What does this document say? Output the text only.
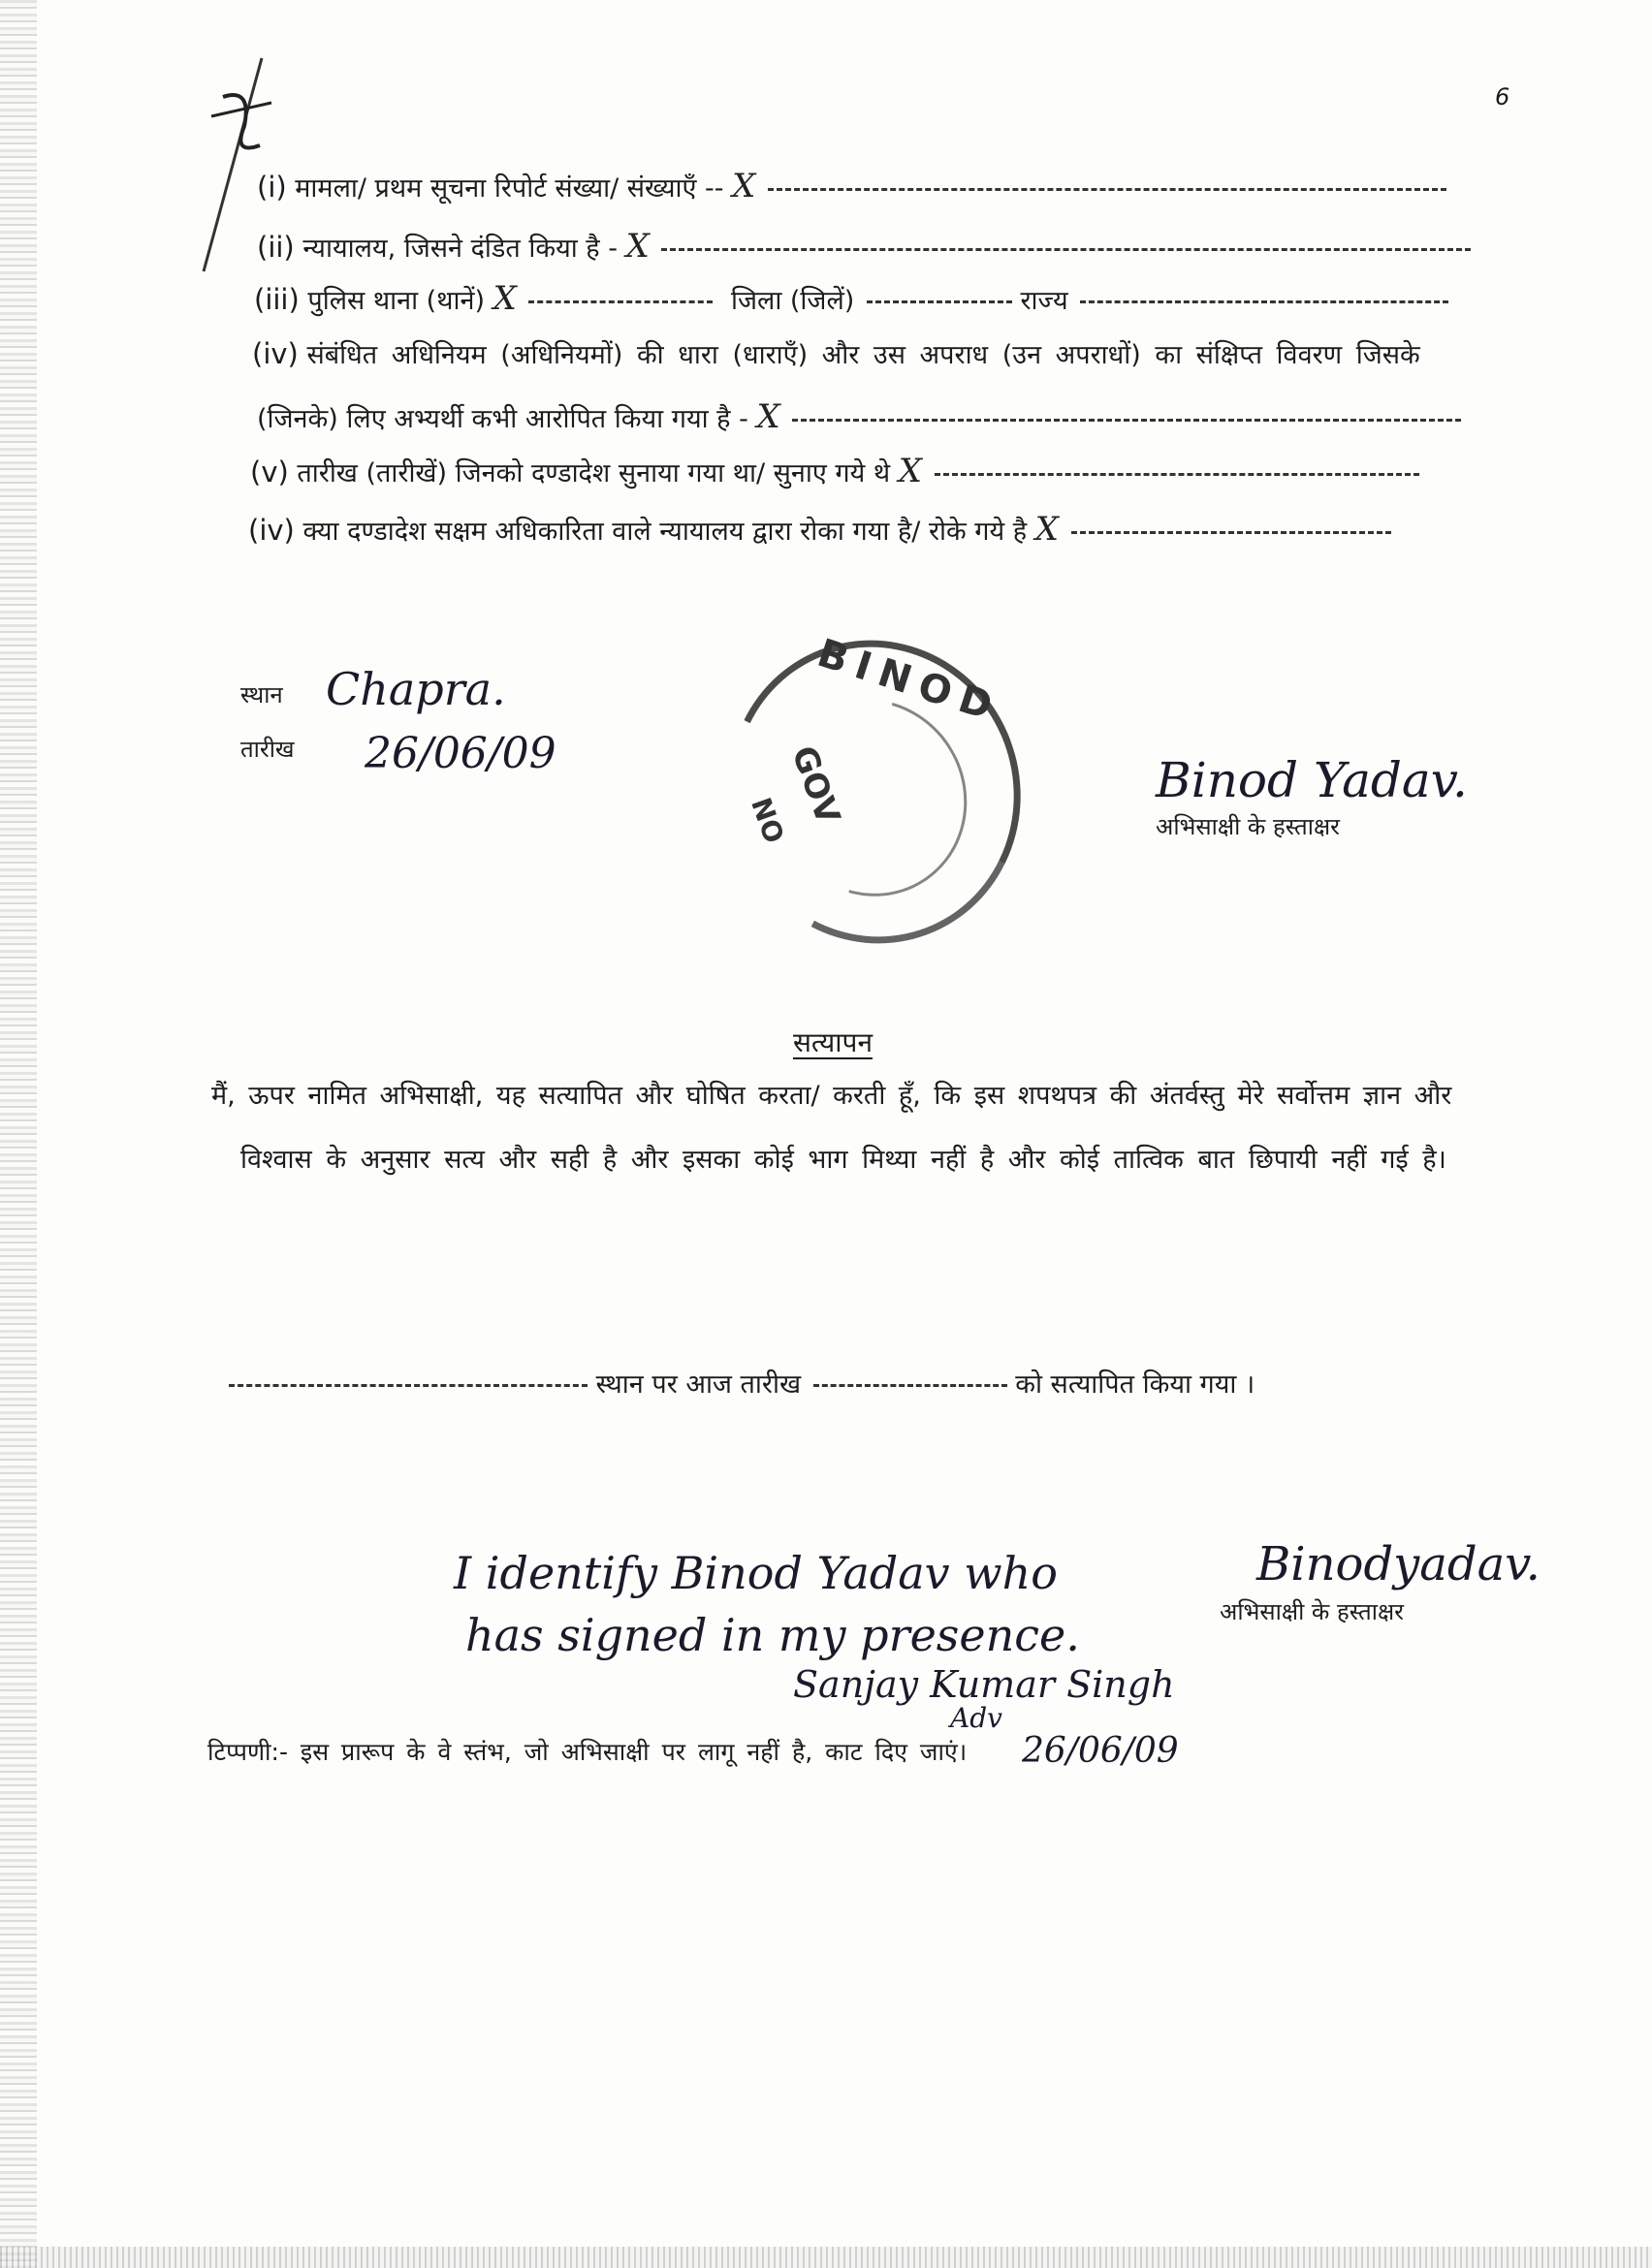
6
(i) मामला/ प्रथम सूचना रिपोर्ट संख्या/ संख्याएँ -- X
(ii) न्यायालय, जिसने दंडित किया है - X
(iii) पुलिस थाना (थानें) X	जिला (जिलें)	राज्य
(iv) संबंधित अधिनियम (अधिनियमों) की धारा (धाराएँ) और उस अपराध (उन अपराधों) का संक्षिप्त विवरण जिसके
(जिनके) लिए अभ्यर्थी कभी आरोपित किया गया है - X
(v) तारीख (तारीखें) जिनको दण्डादेश सुनाया गया था/ सुनाए गये थे X
(iv) क्या दण्डादेश सक्षम अधिकारिता वाले न्यायालय द्वारा रोका गया है/ रोके गये है X
स्थान Chapra.
तारीख 26/06/09
BINOD
GOV
NO
Binod Yadav.
अभिसाक्षी के हस्ताक्षर
सत्यापन
मैं, ऊपर नामित अभिसाक्षी, यह सत्यापित और घोषित करता/ करती हूँ, कि इस शपथपत्र की अंतर्वस्तु मेरे सर्वोत्तम ज्ञान और
विश्वास के अनुसार सत्य और सही है और इसका कोई भाग मिथ्या नहीं है और कोई तात्विक बात छिपायी नहीं गई है।
स्थान पर आज तारीख	को सत्यापित किया गया ।
I identify Binod Yadav who
has signed in my presence.
Sanjay Kumar Singh
Adv
26/06/09
Binodyadav.
अभिसाक्षी के हस्ताक्षर
टिप्पणी:- इस प्रारूप के वे स्तंभ, जो अभिसाक्षी पर लागू नहीं है, काट दिए जाएं।
